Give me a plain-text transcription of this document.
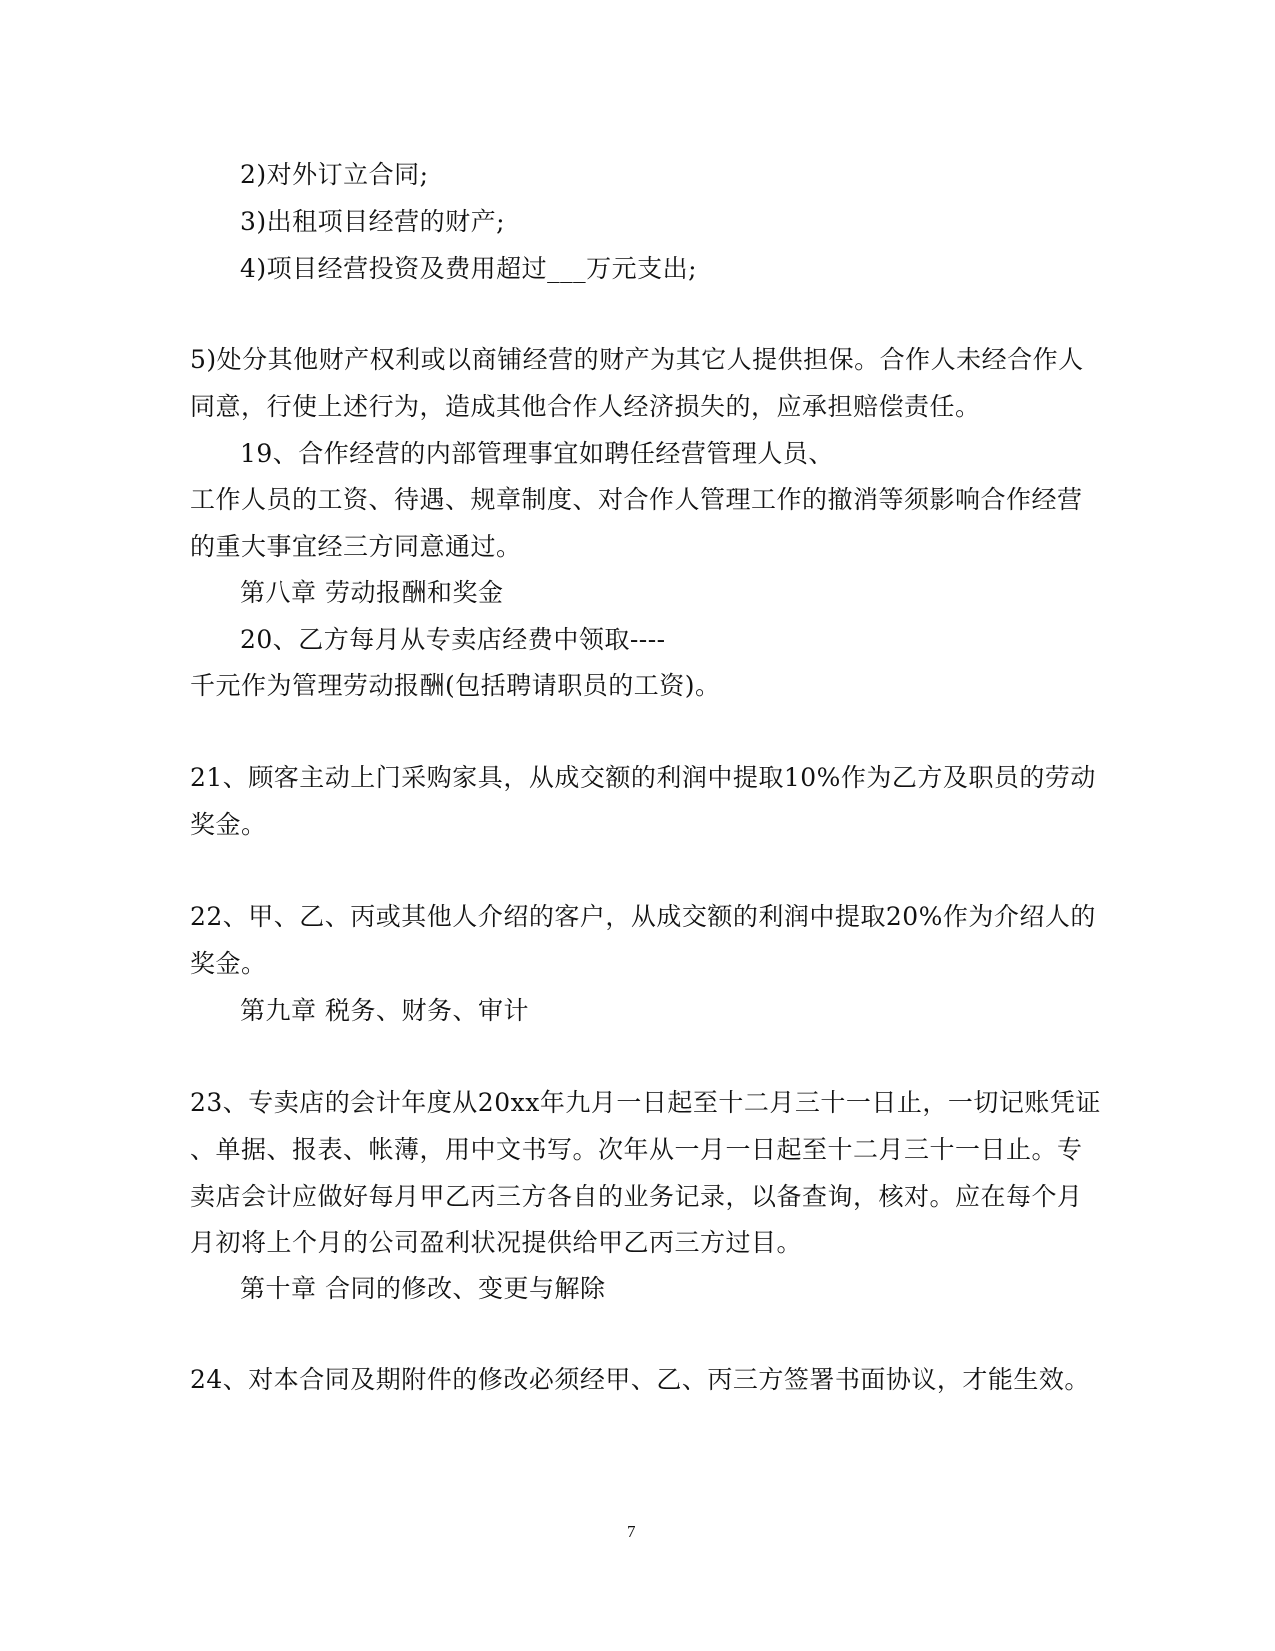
2)对外订立合同;
3)出租项目经营的财产;
4)项目经营投资及费用超过___万元支出;
5)处分其他财产权利或以商铺经营的财产为其它人提供担保。合作人未经合作人
同意，行使上述行为，造成其他合作人经济损失的，应承担赔偿责任。
19、合作经营的内部管理事宜如聘任经营管理人员、
工作人员的工资、待遇、规章制度、对合作人管理工作的撤消等须影响合作经营
的重大事宜经三方同意通过。
第八章 劳动报酬和奖金
20、乙方每月从专卖店经费中领取----
千元作为管理劳动报酬(包括聘请职员的工资)。
21、顾客主动上门采购家具，从成交额的利润中提取10%作为乙方及职员的劳动
奖金。
22、甲、乙、丙或其他人介绍的客户，从成交额的利润中提取20%作为介绍人的
奖金。
第九章 税务、财务、审计
23、专卖店的会计年度从20xx年九月一日起至十二月三十一日止，一切记账凭证
、单据、报表、帐薄，用中文书写。次年从一月一日起至十二月三十一日止。专
卖店会计应做好每月甲乙丙三方各自的业务记录，以备查询，核对。应在每个月
月初将上个月的公司盈利状况提供给甲乙丙三方过目。
第十章 合同的修改、变更与解除
24、对本合同及期附件的修改必须经甲、乙、丙三方签署书面协议，才能生效。
7
